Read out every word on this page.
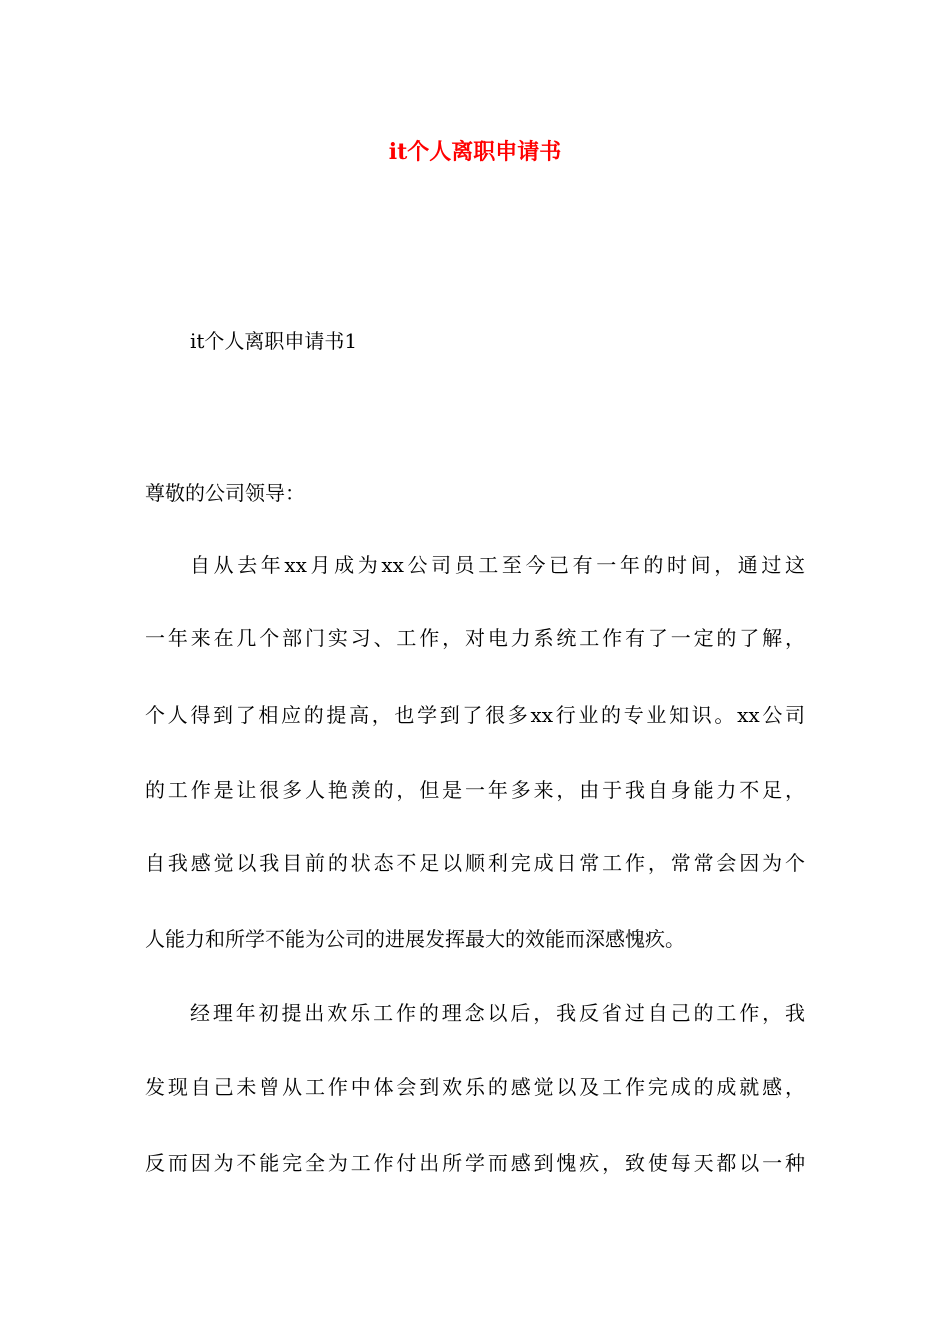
it个人离职申请书
it个人离职申请书1
尊敬的公司领导：
自从去年xx月成为xx公司员工至今已有一年的时间，通过这
一年来在几个部门实习、工作，对电力系统工作有了一定的了解，
个人得到了相应的提高，也学到了很多xx行业的专业知识。xx公司
的工作是让很多人艳羡的，但是一年多来，由于我自身能力不足，
自我感觉以我目前的状态不足以顺利完成日常工作，常常会因为个
人能力和所学不能为公司的进展发挥最大的效能而深感愧疚。
经理年初提出欢乐工作的理念以后，我反省过自己的工作，我
发现自己未曾从工作中体会到欢乐的感觉以及工作完成的成就感，
反而因为不能完全为工作付出所学而感到愧疚，致使每天都以一种
